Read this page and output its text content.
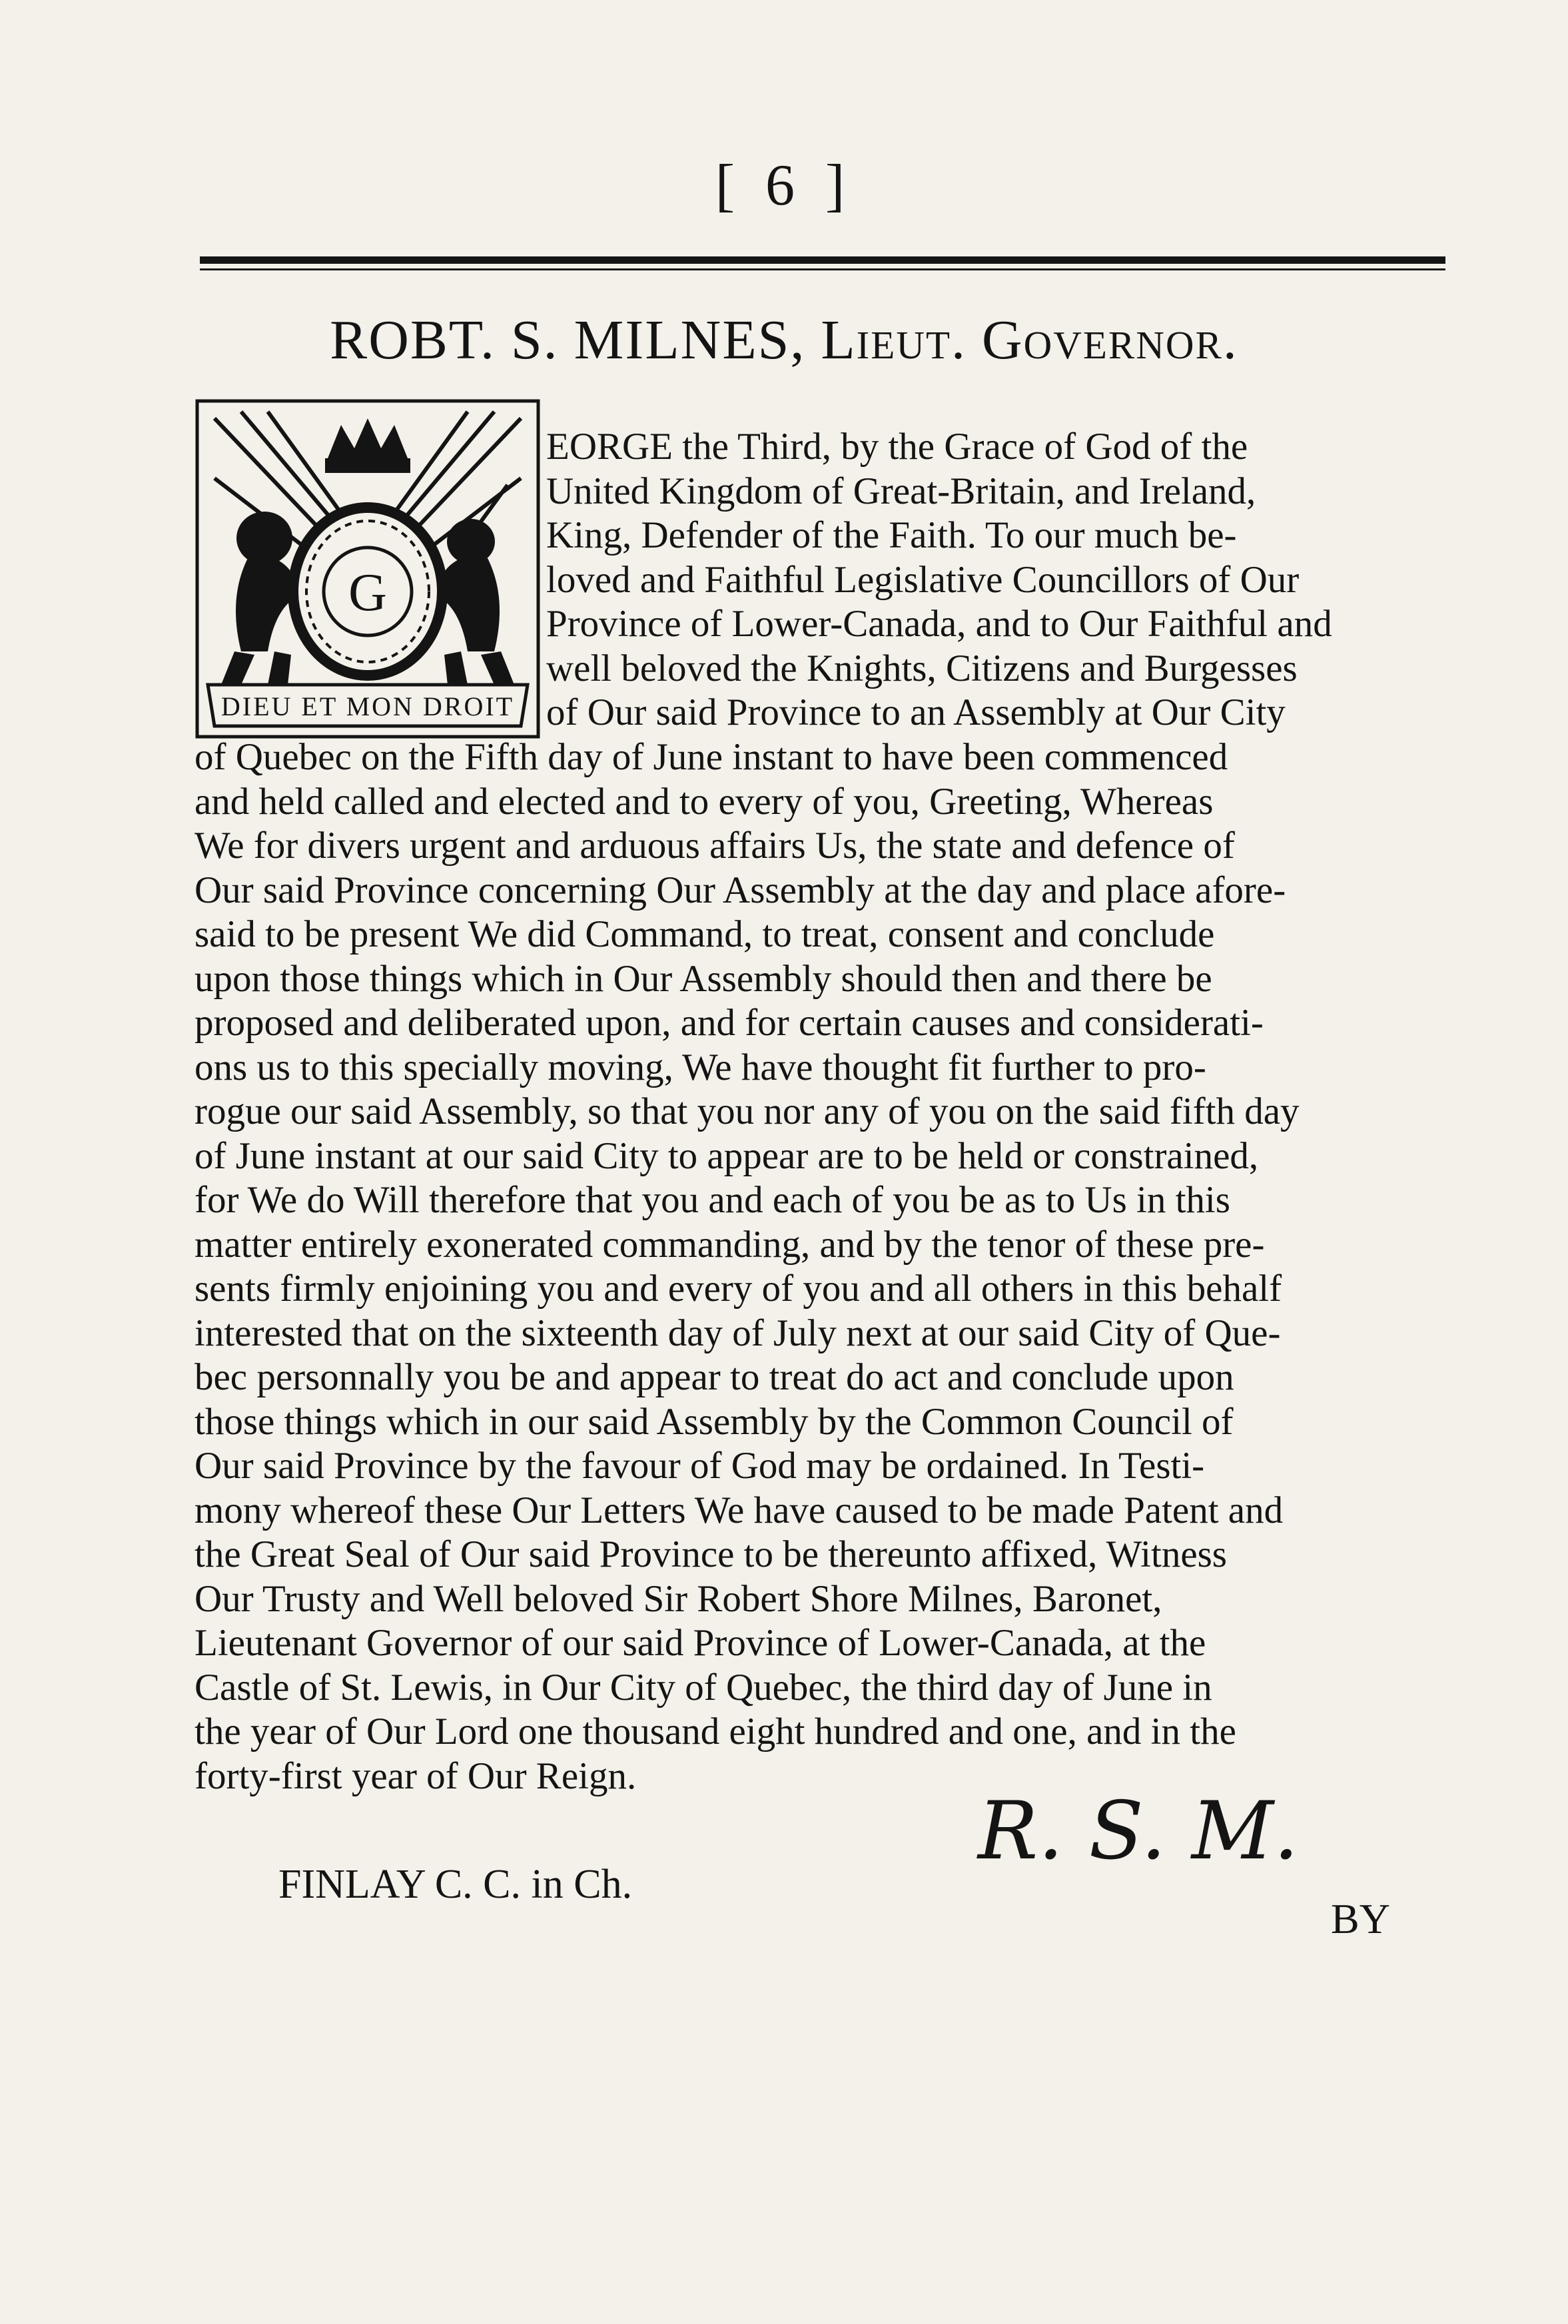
[ 6 ]
ROBT. S. MILNES, Lieut. Governor.
G
DIEU ET MON DROIT
EORGE the Third, by the Grace of God of the
United Kingdom of Great-Britain, and Ireland,
King, Defender of the Faith. To our much be-
loved and Faithful Legislative Councillors of Our
Province of Lower-Canada, and to Our Faithful and
well beloved the Knights, Citizens and Burgesses
of Our said Province to an Assembly at Our City
of Quebec on the Fifth day of June instant to have been commenced
and held called and elected and to every of you, Greeting, Whereas
We for divers urgent and arduous affairs Us, the state and defence of
Our said Province concerning Our Assembly at the day and place afore-
said to be present We did Command, to treat, consent and conclude
upon those things which in Our Assembly should then and there be
proposed and deliberated upon, and for certain causes and considerati-
ons us to this specially moving, We have thought fit further to pro-
rogue our said Assembly, so that you nor any of you on the said fifth day
of June instant at our said City to appear are to be held or constrained,
for We do Will therefore that you and each of you be as to Us in this
matter entirely exonerated commanding, and by the tenor of these pre-
sents firmly enjoining you and every of you and all others in this behalf
interested that on the sixteenth day of July next at our said City of Que-
bec personnally you be and appear to treat do act and conclude upon
those things which in our said Assembly by the Common Council of
Our said Province by the favour of God may be ordained. In Testi-
mony whereof these Our Letters We have caused to be made Patent and
the Great Seal of Our said Province to be thereunto affixed, Witness
Our Trusty and Well beloved Sir Robert Shore Milnes, Baronet,
Lieutenant Governor of our said Province of Lower-Canada, at the
Castle of St. Lewis, in Our City of Quebec, the third day of June in
the year of Our Lord one thousand eight hundred and one, and in the
forty-first year of Our Reign.
R. S. M.
FINLAY C. C. in Ch.
BY
